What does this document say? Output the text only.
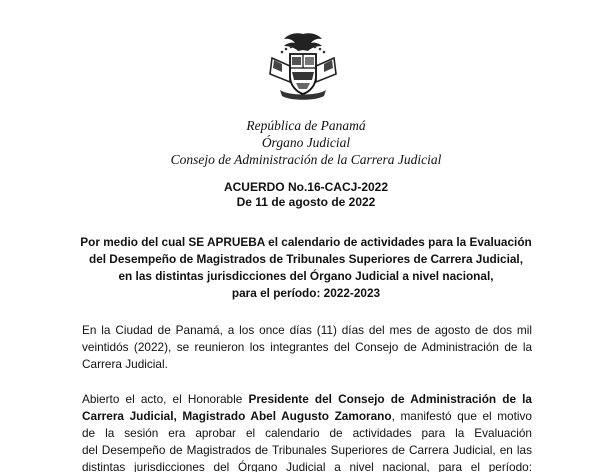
República de Panamá
Órgano Judicial
Consejo de Administración de la Carrera Judicial
ACUERDO No.16-CACJ-2022
De 11 de agosto de 2022
Por medio del cual SE APRUEBA el calendario de actividades para la Evaluación
del Desempeño de Magistrados de Tribunales Superiores de Carrera Judicial,
en las distintas jurisdicciones del Órgano Judicial a nivel nacional,
para el período: 2022-2023
En la Ciudad de Panamá, a los once días (11) días del mes de agosto de dos mil
veintidós (2022), se reunieron los integrantes del Consejo de Administración de la
Carrera Judicial.
Abierto el acto, el Honorable Presidente del Consejo de Administración de la
Carrera Judicial, Magistrado Abel Augusto Zamorano, manifestó que el motivo
de la sesión era aprobar el calendario de actividades para la Evaluación
del Desempeño de Magistrados de Tribunales Superiores de Carrera Judicial, en las
distintas jurisdicciones del Órgano Judicial a nivel nacional, para el período:
